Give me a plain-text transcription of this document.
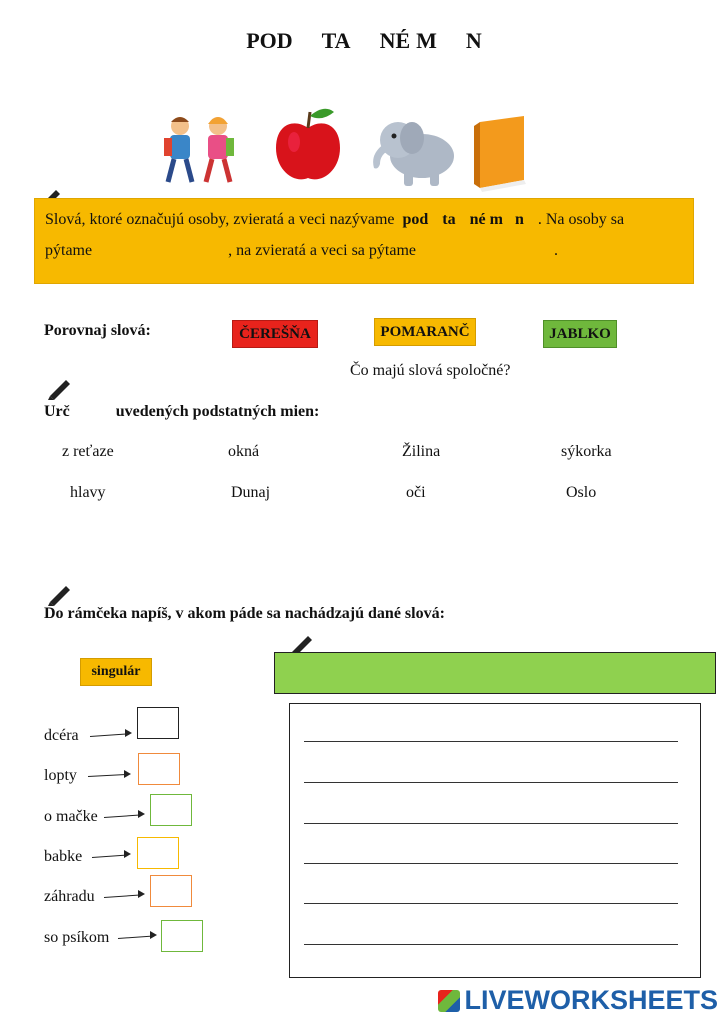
POD TA NÉ M N
Slová, ktoré označujú osoby, zvieratá a veci nazývame pod ta né m n . Na osoby sa
pýtame	, na zvieratá a veci sa pýtame	.
Porovnaj slová:	ČEREŠŇA	POMARANČ	JABLKO
Čo majú slová spoločné?
Urč	uvedených podstatných mien:
z reťaze	okná	Žilina	sýkorka
hlavy	Dunaj	oči	Oslo
Do rámčeka napíš, v akom páde sa nachádzajú dané slová:
singulár
dcéra
lopty
o mačke
babke
záhradu
so psíkom
LIVEWORKSHEETS
